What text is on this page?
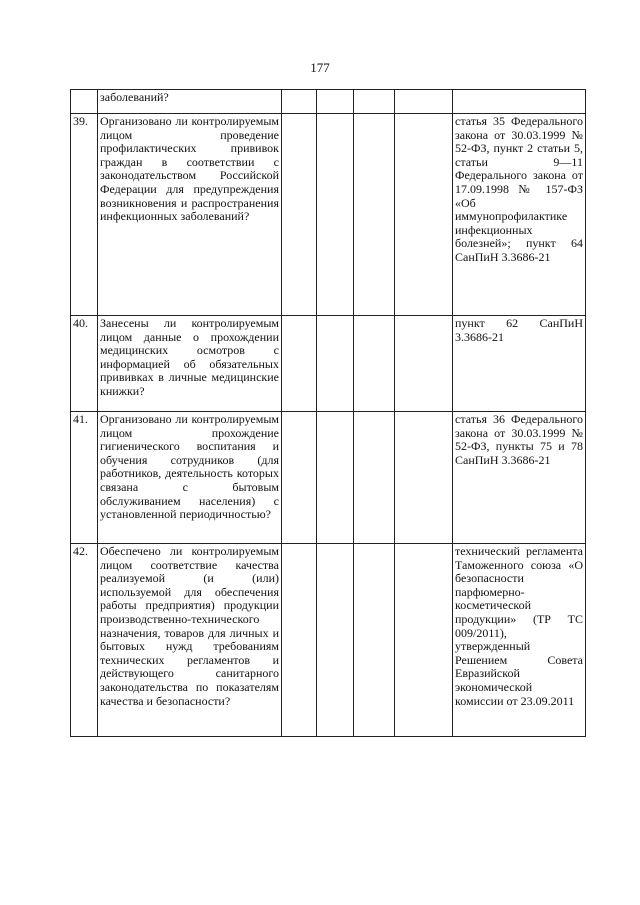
177
	заболеваний?					
39.	Организовано ли контролируемым лицом проведение профилактических прививок граждан в соответствии с законодательством Российской Федерации для предупреждения возникновения и распространения инфекционных заболеваний?					статья 35 Федерального закона от 30.03.1999 № 52-ФЗ, пункт 2 статьи 5, статьи 9—11 Федерального закона от 17.09.1998 № 157-ФЗ «Об иммунопрофилактике инфекционных болезней»; пункт 64 СанПиН 3.3686-21
40.	Занесены ли контролируемым лицом данные о прохождении медицинских осмотров с информацией об обязательных прививках в личные медицинские книжки?					пункт 62 СанПиН 3.3686-21
41.	Организовано ли контролируемым лицом прохождение гигиенического воспитания и обучения сотрудников (для работников, деятельность которых связана с бытовым обслуживанием населения) с установленной периодичностью?					статья 36 Федерального закона от 30.03.1999 № 52-ФЗ, пункты 75 и 78 СанПиН 3.3686-21
42.	Обеспечено ли контролируемым лицом соответствие качества реализуемой (и (или) используемой для обеспечения работы предприятия) продукции производственно-технического назначения, товаров для личных и бытовых нужд требованиям технических регламентов и действующего санитарного законодательства по показателям качества и безопасности?					технический регламента Таможенного союза «О безопасности парфюмерно-косметической продукции» (ТР ТС 009/2011), утвержденный Решением Совета Евразийской экономической комиссии от 23.09.2011
